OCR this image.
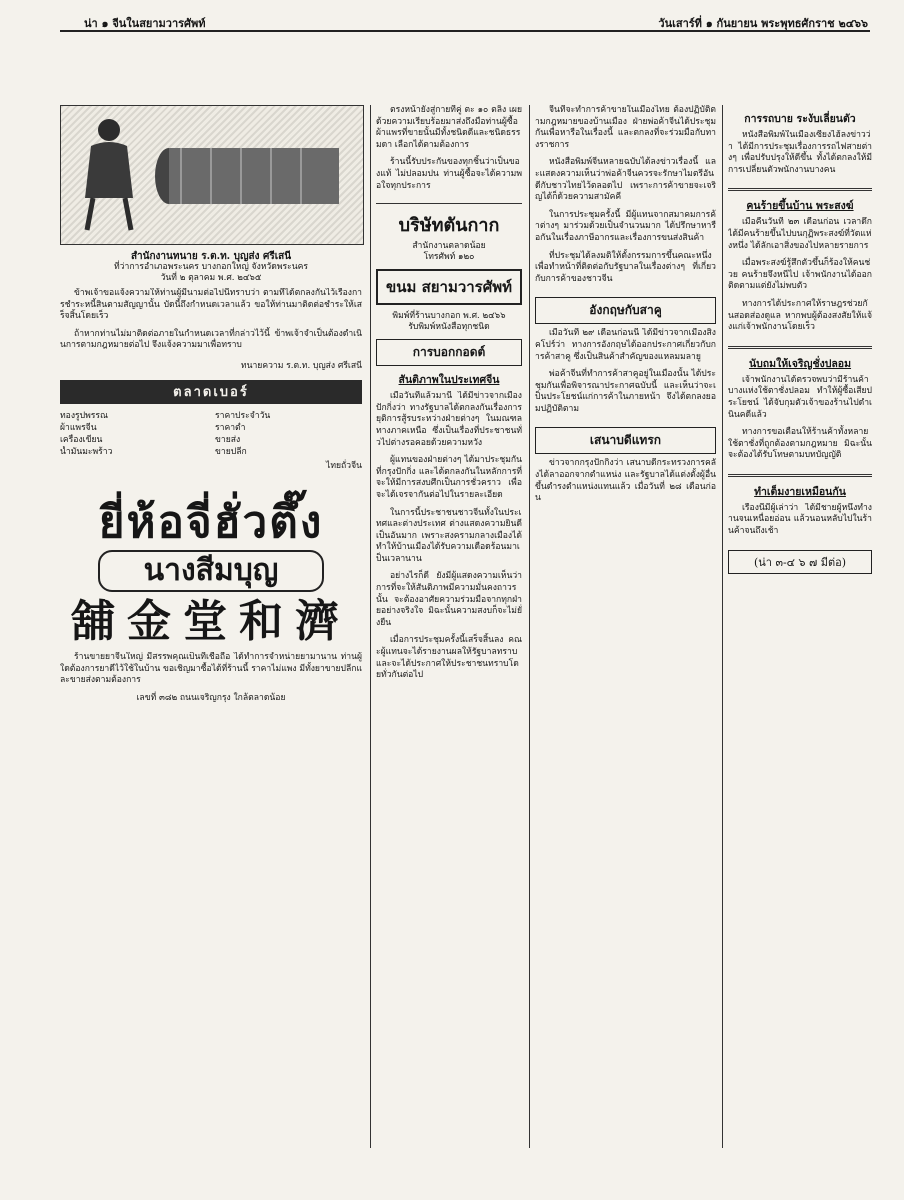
น่า ๑ จีนในสยามวารศัพท์	วันเสาร์ที่ ๑ กันยายน พระพุทธศักราช ๒๔๖๖
สำนักงานทนาย ร.ต.ท. บุญส่ง ศรีเสนี
ที่ว่าการอำเภอพระนคร บางกอกใหญ่ จังหวัดพระนคร
วันที่ ๒ ตุลาคม พ.ศ. ๒๔๖๕

ข้าพเจ้าขอแจ้งความให้ท่านผู้มีนามต่อไปนี้ทราบว่า ตามที่ได้ตกลงกันไว้เรื่องการชำระหนี้สินตามสัญญานั้น บัดนี้ถึงกำหนดเวลาแล้ว ขอให้ท่านมาติดต่อชำระให้เสร็จสิ้นโดยเร็ว

ถ้าหากท่านไม่มาติดต่อภายในกำหนดเวลาที่กล่าวไว้นี้ ข้าพเจ้าจำเป็นต้องดำเนินการตามกฎหมายต่อไป จึงแจ้งความมาเพื่อทราบ

ทนายความ ร.ต.ท. บุญส่ง ศรีเสนี
ตลาดเบอร์
ทองรูปพรรณ	ราคาประจำวัน
ผ้าแพรจีน	ราคาต่ำ
เครื่องเขียน	ขายส่ง
น้ำมันมะพร้าว	ขายปลีก
ไทยถั่วจีน
ยี่ห้อจี่ฮั่วตึ๊ง
นางสีมบุญ
舖金堂和濟

ร้านขายยาจีนใหญ่ มีสรรพคุณเป็นที่เชื่อถือ ได้ทำการจำหน่ายยามานาน ท่านผู้ใดต้องการยาดีไว้ใช้ในบ้าน ขอเชิญมาซื้อได้ที่ร้านนี้ ราคาไม่แพง มีทั้งยาขายปลีกและขายส่งตามต้องการ

เลขที่ ๓๘๒ ถนนเจริญกรุง ใกล้ตลาดน้อย

ตรงหน้ายังสู่กายที่คู่ ตะ ๑๐ ตลิ่ง เผยด้วยความเรียบร้อยมาส่งถึงมือท่านผู้ซื้อ ผ้าแพรที่ขายนั้นมีทั้งชนิดดีและชนิดธรรมดา เลือกได้ตามต้องการ

ร้านนี้รับประกันของทุกชิ้นว่าเป็นของแท้ ไม่ปลอมปน ท่านผู้ซื้อจะได้ความพอใจทุกประการ

บริษัทตันกาก
สำนักงานตลาดน้อย
โทรศัพท์ ๑๒๐
ขนม สยามวารศัพท์
พิมพ์ที่ร้านบางกอก พ.ศ. ๒๔๖๖
รับพิมพ์หนังสือทุกชนิด
การบอกกอดต์
สันติภาพในประเทศจีน

เมื่อวันที่แล้วมานี้ ได้มีข่าวจากเมืองปักกิ่งว่า ทางรัฐบาลได้ตกลงกันเรื่องการยุติการสู้รบระหว่างฝ่ายต่างๆ ในมณฑลทางภาคเหนือ ซึ่งเป็นเรื่องที่ประชาชนทั่วไปต่างรอคอยด้วยความหวัง

ผู้แทนของฝ่ายต่างๆ ได้มาประชุมกันที่กรุงปักกิ่ง และได้ตกลงกันในหลักการที่จะให้มีการสงบศึกเป็นการชั่วคราว เพื่อจะได้เจรจากันต่อไปในรายละเอียด

ในการนี้ประชาชนชาวจีนทั้งในประเทศและต่างประเทศ ต่างแสดงความยินดีเป็นอันมาก เพราะสงครามกลางเมืองได้ทำให้บ้านเมืองได้รับความเดือดร้อนมาเป็นเวลานาน

อย่างไรก็ดี ยังมีผู้แสดงความเห็นว่า การที่จะให้สันติภาพมีความมั่นคงถาวรนั้น จะต้องอาศัยความร่วมมือจากทุกฝ่ายอย่างจริงใจ มิฉะนั้นความสงบก็จะไม่ยั่งยืน

เมื่อการประชุมครั้งนี้เสร็จสิ้นลง คณะผู้แทนจะได้รายงานผลให้รัฐบาลทราบ และจะได้ประกาศให้ประชาชนทราบโดยทั่วกันต่อไป

จีนที่จะทำการค้าขายในเมืองไทย ต้องปฏิบัติตามกฎหมายของบ้านเมือง ฝ่ายพ่อค้าจีนได้ประชุมกันเพื่อหารือในเรื่องนี้ และตกลงที่จะร่วมมือกับทางราชการ

หนังสือพิมพ์จีนหลายฉบับได้ลงข่าวเรื่องนี้ และแสดงความเห็นว่าพ่อค้าจีนควรจะรักษาไมตรีอันดีกับชาวไทยไว้ตลอดไป เพราะการค้าขายจะเจริญได้ก็ด้วยความสามัคคี

ในการประชุมครั้งนี้ มีผู้แทนจากสมาคมการค้าต่างๆ มาร่วมด้วยเป็นจำนวนมาก ได้ปรึกษาหารือกันในเรื่องภาษีอากรและเรื่องการขนส่งสินค้า

ที่ประชุมได้ลงมติให้ตั้งกรรมการขึ้นคณะหนึ่ง เพื่อทำหน้าที่ติดต่อกับรัฐบาลในเรื่องต่างๆ ที่เกี่ยวกับการค้าของชาวจีน

อังกฤษกับสาคู

เมื่อวันที่ ๒๙ เดือนก่อนนี้ ได้มีข่าวจากเมืองสิงคโปร์ว่า ทางการอังกฤษได้ออกประกาศเกี่ยวกับการค้าสาคู ซึ่งเป็นสินค้าสำคัญของแหลมมลายู

พ่อค้าจีนที่ทำการค้าสาคูอยู่ในเมืองนั้น ได้ประชุมกันเพื่อพิจารณาประกาศฉบับนี้ และเห็นว่าจะเป็นประโยชน์แก่การค้าในภายหน้า จึงได้ตกลงยอมปฏิบัติตาม

เสนาบดีแทรก

ข่าวจากกรุงปักกิ่งว่า เสนาบดีกระทรวงการคลังได้ลาออกจากตำแหน่ง และรัฐบาลได้แต่งตั้งผู้อื่นขึ้นดำรงตำแหน่งแทนแล้ว เมื่อวันที่ ๒๘ เดือนก่อน

การรถบาย ระงับเลี่ยนตัว

หนังสือพิมพ์ในเมืองเซี่ยงไฮ้ลงข่าวว่า ได้มีการประชุมเรื่องการรถไฟสายต่างๆ เพื่อปรับปรุงให้ดีขึ้น ทั้งได้ตกลงให้มีการเปลี่ยนตัวพนักงานบางคน

คนร้ายขึ้นบ้าน พระสงฆ์

เมื่อคืนวันที่ ๒๓ เดือนก่อน เวลาดึกได้มีคนร้ายขึ้นไปบนกุฏิพระสงฆ์ที่วัดแห่งหนึ่ง ได้ลักเอาสิ่งของไปหลายรายการ

เมื่อพระสงฆ์รู้สึกตัวขึ้นก็ร้องให้คนช่วย คนร้ายจึงหนีไป เจ้าพนักงานได้ออกติดตามแต่ยังไม่พบตัว

ทางการได้ประกาศให้ราษฎรช่วยกันสอดส่องดูแล หากพบผู้ต้องสงสัยให้แจ้งแก่เจ้าพนักงานโดยเร็ว

นับถมให้เจริญชั่งปลอม

เจ้าพนักงานได้ตรวจพบว่ามีร้านค้าบางแห่งใช้ตาชั่งปลอม ทำให้ผู้ซื้อเสียประโยชน์ ได้จับกุมตัวเจ้าของร้านไปดำเนินคดีแล้ว

ทางการขอเตือนให้ร้านค้าทั้งหลายใช้ตาชั่งที่ถูกต้องตามกฎหมาย มิฉะนั้นจะต้องได้รับโทษตามบทบัญญัติ

ทำเต็มงายเหมือนกัน

เรื่องนี้มีผู้เล่าว่า ได้มีชายผู้หนึ่งทำงานจนเหนื่อยอ่อน แล้วนอนหลับไปในร้านค้าจนถึงเช้า

(น่า ๓-๔ ๖ ๗ มีต่อ)
